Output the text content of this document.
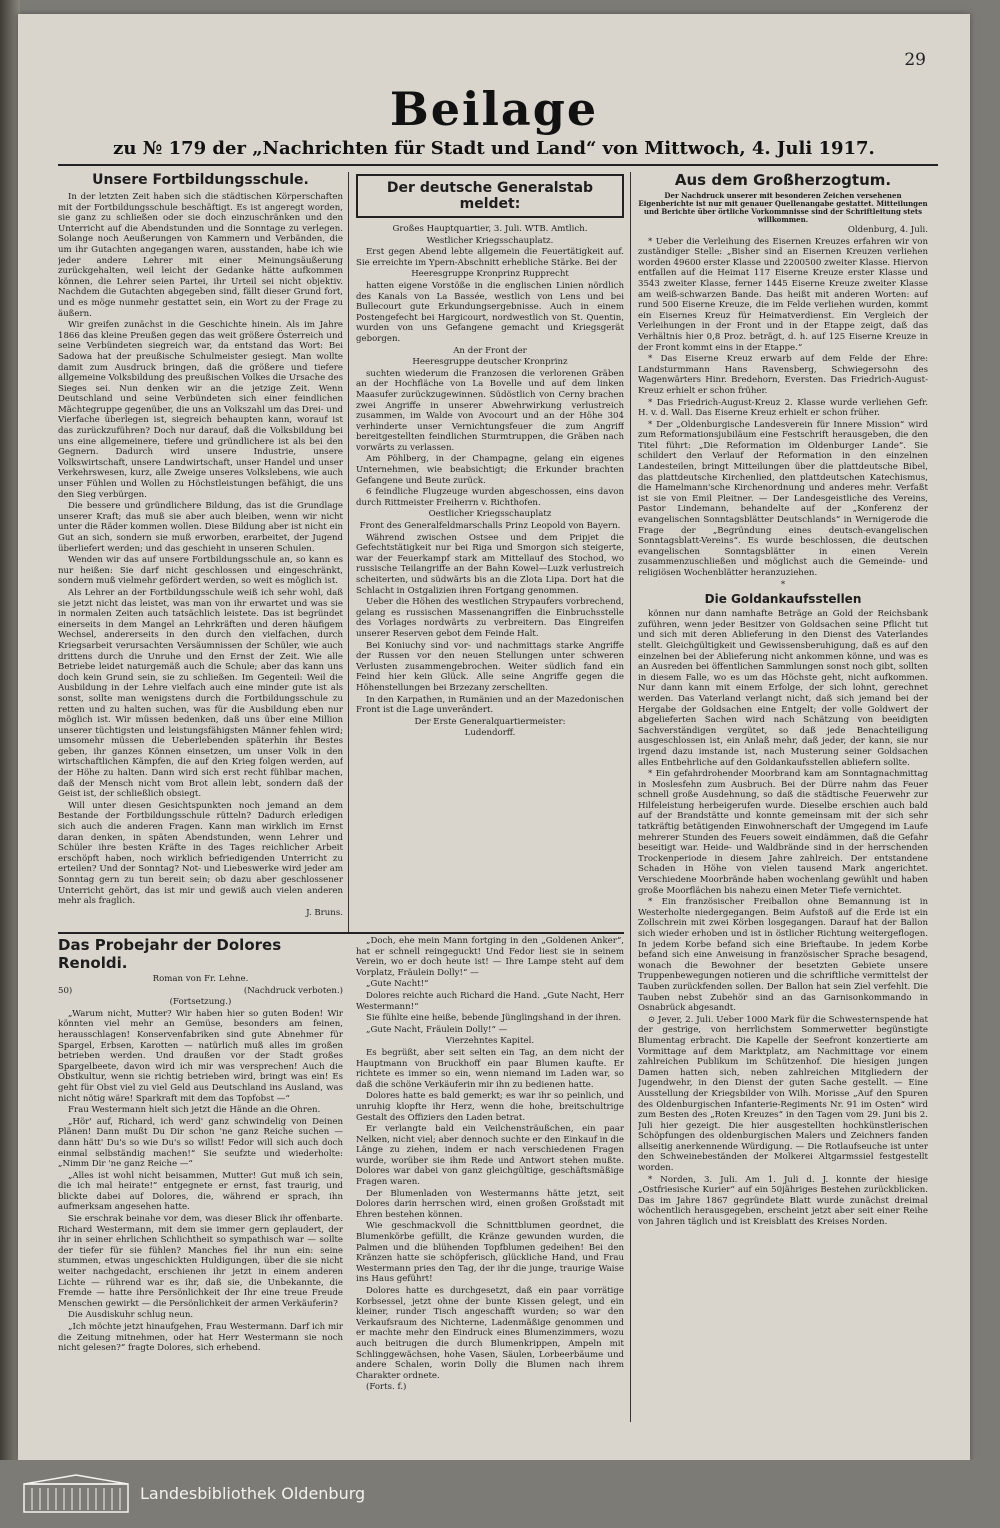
29
Beilage
zu № 179 der „Nachrichten für Stadt und Land“ von Mittwoch, 4. Juli 1917.
Unsere Fortbildungsschule.

In der letzten Zeit haben sich die städtischen Körperschaften mit der Fortbildungsschule beschäftigt. Es ist angeregt worden, sie ganz zu schließen oder sie doch einzuschränken und den Unterricht auf die Abendstunden und die Sonntage zu verlegen. Solange noch Aeußerungen von Kammern und Verbänden, die um ihr Gutachten angegangen waren, ausstanden, habe ich wie jeder andere Lehrer mit einer Meinungsäußerung zurückgehalten, weil leicht der Gedanke hätte aufkommen können, die Lehrer seien Partei, ihr Urteil sei nicht objektiv. Nachdem die Gutachten abgegeben sind, fällt dieser Grund fort, und es möge nunmehr gestattet sein, ein Wort zu der Frage zu äußern.

Wir greifen zunächst in die Geschichte hinein. Als im Jahre 1866 das kleine Preußen gegen das weit größere Österreich und seine Verbündeten siegreich war, da entstand das Wort: Bei Sadowa hat der preußische Schulmeister gesiegt. Man wollte damit zum Ausdruck bringen, daß die größere und tiefere allgemeine Volksbildung des preußischen Volkes die Ursache des Sieges sei. Nun denken wir an die jetzige Zeit. Wenn Deutschland und seine Verbündeten sich einer feindlichen Mächtegruppe gegenüber, die uns an Volkszahl um das Drei- und Vierfache überlegen ist, siegreich behaupten kann, worauf ist das zurückzuführen? Doch nur darauf, daß die Volksbildung bei uns eine allgemeinere, tiefere und gründlichere ist als bei den Gegnern. Dadurch wird unsere Industrie, unsere Volkswirtschaft, unsere Landwirtschaft, unser Handel und unser Verkehrswesen, kurz, alle Zweige unseres Volkslebens, wie auch unser Fühlen und Wollen zu Höchstleistungen befähigt, die uns den Sieg verbürgen.

Die bessere und gründlichere Bildung, das ist die Grundlage unserer Kraft; das muß sie aber auch bleiben, wenn wir nicht unter die Räder kommen wollen. Diese Bildung aber ist nicht ein Gut an sich, sondern sie muß erworben, erarbeitet, der Jugend überliefert werden; und das geschieht in unseren Schulen.

Wenden wir das auf unsere Fortbildungsschule an, so kann es nur heißen: Sie darf nicht geschlossen und eingeschränkt, sondern muß vielmehr gefördert werden, so weit es möglich ist.

Als Lehrer an der Fortbildungsschule weiß ich sehr wohl, daß sie jetzt nicht das leistet, was man von ihr erwartet und was sie in normalen Zeiten auch tatsächlich leistete. Das ist begründet einerseits in dem Mangel an Lehrkräften und deren häufigem Wechsel, andererseits in den durch den vielfachen, durch Kriegsarbeit verursachten Versäumnissen der Schüler, wie auch drittens durch die Unruhe und den Ernst der Zeit. Wie alle Betriebe leidet naturgemäß auch die Schule; aber das kann uns doch kein Grund sein, sie zu schließen. Im Gegenteil: Weil die Ausbildung in der Lehre vielfach auch eine minder gute ist als sonst, sollte man wenigstens durch die Fortbildungsschule zu retten und zu halten suchen, was für die Ausbildung eben nur möglich ist. Wir müssen bedenken, daß uns über eine Million unserer tüchtigsten und leistungsfähigsten Männer fehlen wird; umsomehr müssen die Ueberlebenden späterhin ihr Bestes geben, ihr ganzes Können einsetzen, um unser Volk in den wirtschaftlichen Kämpfen, die auf den Krieg folgen werden, auf der Höhe zu halten. Dann wird sich erst recht fühlbar machen, daß der Mensch nicht vom Brot allein lebt, sondern daß der Geist ist, der schließlich obsiegt.

Will unter diesen Gesichtspunkten noch jemand an dem Bestande der Fortbildungsschule rütteln? Dadurch erledigen sich auch die anderen Fragen. Kann man wirklich im Ernst daran denken, in späten Abendstunden, wenn Lehrer und Schüler ihre besten Kräfte in des Tages reichlicher Arbeit erschöpft haben, noch wirklich befriedigenden Unterricht zu erteilen? Und der Sonntag? Not- und Liebeswerke wird jeder am Sonntag gern zu tun bereit sein; ob dazu aber geschlossener Unterricht gehört, das ist mir und gewiß auch vielen anderen mehr als fraglich.

J. Bruns.

Der deutsche Generalstab meldet:

Großes Hauptquartier, 3. Juli. WTB. Amtlich.

Westlicher Kriegsschauplatz.

Erst gegen Abend lebte allgemein die Feuertätigkeit auf. Sie erreichte im Ypern-Abschnitt erhebliche Stärke. Bei der

Heeresgruppe Kronprinz Rupprecht

hatten eigene Vorstöße in die englischen Linien nördlich des Kanals von La Bassée, westlich von Lens und bei Bullecourt gute Erkundungsergebnisse. Auch in einem Postengefecht bei Hargicourt, nordwestlich von St. Quentin, wurden von uns Gefangene gemacht und Kriegsgerät geborgen.

An der Front der

Heeresgruppe deutscher Kronprinz

suchten wiederum die Franzosen die verlorenen Gräben an der Hochfläche von La Bovelle und auf dem linken Maasufer zurückzugewinnen. Südöstlich von Cerny brachen zwei Angriffe in unserer Abwehrwirkung verlustreich zusammen, im Walde von Avocourt und an der Höhe 304 verhinderte unser Vernichtungsfeuer die zum Angriff bereitgestellten feindlichen Sturmtruppen, die Gräben nach vorwärts zu verlassen.

Am Pöhlberg, in der Champagne, gelang ein eigenes Unternehmen, wie beabsichtigt; die Erkunder brachten Gefangene und Beute zurück.

6 feindliche Flugzeuge wurden abgeschossen, eins davon durch Rittmeister Freiherrn v. Richthofen.

Oestlicher Kriegsschauplatz

Front des Generalfeldmarschalls Prinz Leopold von Bayern.

Während zwischen Ostsee und dem Pripjet die Gefechtstätigkeit nur bei Riga und Smorgon sich steigerte, war der Feuerkampf stark am Mittellauf des Stochod, wo russische Teilangriffe an der Bahn Kowel—Luzk verlustreich scheiterten, und südwärts bis an die Zlota Lipa. Dort hat die Schlacht in Ostgalizien ihren Fortgang genommen.

Ueber die Höhen des westlichen Strypaufers vorbrechend, gelang es russischen Massenangriffen die Einbruchsstelle des Vorlages nordwärts zu verbreitern. Das Eingreifen unserer Reserven gebot dem Feinde Halt.

Bei Koniuchy sind vor- und nachmittags starke Angriffe der Russen vor den neuen Stellungen unter schweren Verlusten zusammengebrochen. Weiter südlich fand ein Feind hier kein Glück. Alle seine Angriffe gegen die Höhenstellungen bei Brzezany zerschellten.

In den Karpathen, in Rumänien und an der Mazedonischen Front ist die Lage unverändert.

Der Erste Generalquartiermeister:

Ludendorff.

Aus dem Großherzogtum.

Der Nachdruck unserer mit besonderen Zeichen versehenen Eigenberichte ist nur mit genauer Quellenangabe gestattet. Mitteilungen und Berichte über örtliche Vorkommnisse sind der Schriftleitung stets willkommen.

Oldenburg, 4. Juli.

* Ueber die Verleihung des Eisernen Kreuzes erfahren wir von zuständiger Stelle: „Bisher sind an Eisernen Kreuzen verliehen worden 49600 erster Klasse und 2200500 zweiter Klasse. Hiervon entfallen auf die Heimat 117 Eiserne Kreuze erster Klasse und 3543 zweiter Klasse, ferner 1445 Eiserne Kreuze zweiter Klasse am weiß-schwarzen Bande. Das heißt mit anderen Worten: auf rund 500 Eiserne Kreuze, die im Felde verliehen wurden, kommt ein Eisernes Kreuz für Heimatverdienst. Ein Vergleich der Verleihungen in der Front und in der Etappe zeigt, daß das Verhältnis hier 0,8 Proz. beträgt, d. h. auf 125 Eiserne Kreuze in der Front kommt eins in der Etappe.“

* Das Eiserne Kreuz erwarb auf dem Felde der Ehre: Landsturmmann Hans Ravensberg, Schwiegersohn des Wagenwärters Hinr. Bredehorn, Eversten. Das Friedrich-August-Kreuz erhielt er schon früher.

* Das Friedrich-August-Kreuz 2. Klasse wurde verliehen Gefr. H. v. d. Wall. Das Eiserne Kreuz erhielt er schon früher.

* Der „Oldenburgische Landesverein für Innere Mission“ wird zum Reformationsjubiläum eine Festschrift herausgeben, die den Titel führt: „Die Reformation im Oldenburger Lande“. Sie schildert den Verlauf der Reformation in den einzelnen Landesteilen, bringt Mitteilungen über die plattdeutsche Bibel, das plattdeutsche Kirchenlied, den plattdeutschen Katechismus, die Hamelmann'sche Kirchenordnung und anderes mehr. Verfaßt ist sie von Emil Pleitner. — Der Landesgeistliche des Vereins, Pastor Lindemann, behandelte auf der „Konferenz der evangelischen Sonntagsblätter Deutschlands“ in Wernigerode die Frage der „Begründung eines deutsch-evangelischen Sonntagsblatt-Vereins“. Es wurde beschlossen, die deutschen evangelischen Sonntagsblätter in einen Verein zusammenzuschließen und möglichst auch die Gemeinde- und religiösen Wochenblätter heranzuziehen.

*

Die Goldankaufsstellen

können nur dann namhafte Beträge an Gold der Reichsbank zuführen, wenn jeder Besitzer von Goldsachen seine Pflicht tut und sich mit deren Ablieferung in den Dienst des Vaterlandes stellt. Gleichgültigkeit und Gewissensberuhigung, daß es auf den einzelnen bei der Ablieferung nicht ankommen könne, und was es an Ausreden bei öffentlichen Sammlungen sonst noch gibt, sollten in diesem Falle, wo es um das Höchste geht, nicht aufkommen. Nur dann kann mit einem Erfolge, der sich lohnt, gerechnet werden. Das Vaterland verlangt nicht, daß sich jemand bei der Hergabe der Goldsachen eine Entgelt; der volle Goldwert der abgelieferten Sachen wird nach Schätzung von beeidigten Sachverständigen vergütet, so daß jede Benachteiligung ausgeschlossen ist, ein Anlaß mehr, daß jeder, der kann, sie nur irgend dazu imstande ist, nach Musterung seiner Goldsachen alles Entbehrliche auf den Goldankaufsstellen abliefern sollte.

* Ein gefahrdrohender Moorbrand kam am Sonntagnachmittag in Moslesfehn zum Ausbruch. Bei der Dürre nahm das Feuer schnell große Ausdehnung, so daß die städtische Feuerwehr zur Hilfeleistung herbeigerufen wurde. Dieselbe erschien auch bald auf der Brandstätte und konnte gemeinsam mit der sich sehr tatkräftig betätigenden Einwohnerschaft der Umgegend im Laufe mehrerer Stunden des Feuers soweit eindämmen, daß die Gefahr beseitigt war. Heide- und Waldbrände sind in der herrschenden Trockenperiode in diesem Jahre zahlreich. Der entstandene Schaden in Höhe von vielen tausend Mark angerichtet. Verschiedene Moorbrände haben wochenlang gewühlt und haben große Moorflächen bis nahezu einen Meter Tiefe vernichtet.

* Ein französischer Freiballon ohne Bemannung ist in Westerholte niedergegangen. Beim Aufstoß auf die Erde ist ein Zollschrein mit zwei Körben losgegangen. Darauf hat der Ballon sich wieder erhoben und ist in östlicher Richtung weitergeflogen. In jedem Korbe befand sich eine Brieftaube. In jedem Korbe befand sich eine Anweisung in französischer Sprache besagend, wonach die Bewohner der besetzten Gebiete unsere Truppenbewegungen notieren und die schriftliche vermittelst der Tauben zurückfenden sollen. Der Ballon hat sein Ziel verfehlt. Die Tauben nebst Zubehör sind an das Garnisonkommando in Osnabrück abgesandt.

⊙ Jever, 2. Juli. Ueber 1000 Mark für die Schwesternspende hat der gestrige, von herrlichstem Sommerwetter begünstigte Blumentag erbracht. Die Kapelle der Seefront konzertierte am Vormittage auf dem Marktplatz, am Nachmittage vor einem zahlreichen Publikum im Schützenhof. Die hiesigen jungen Damen hatten sich, neben zahlreichen Mitgliedern der Jugendwehr, in den Dienst der guten Sache gestellt. — Eine Ausstellung der Kriegsbilder von Wilh. Morisse „Auf den Spuren des Oldenburgischen Infanterie-Regiments Nr. 91 im Osten“ wird zum Besten des „Roten Kreuzes“ in den Tagen vom 29. Juni bis 2. Juli hier gezeigt. Die hier ausgestellten hochkünstlerischen Schöpfungen des oldenburgischen Malers und Zeichners fanden allseitig anerkennende Würdigung. — Die Rotlaufseuche ist unter den Schweinebeständen der Molkerei Altgarmssiel festgestellt worden.

* Norden, 3. Juli. Am 1. Juli d. J. konnte der hiesige „Ostfriesische Kurier“ auf ein 50jähriges Bestehen zurückblicken. Das im Jahre 1867 gegründete Blatt wurde zunächst dreimal wöchentlich herausgegeben, erscheint jetzt aber seit einer Reihe von Jahren täglich und ist Kreisblatt des Kreises Norden.

Das Probejahr der Dolores Renoldi.

Roman von Fr. Lehne.

50)	(Nachdruck verboten.)

(Fortsetzung.)

„Warum nicht, Mutter? Wir haben hier so guten Boden! Wir könnten viel mehr an Gemüse, besonders am feinen, herausschlagen! Konservenfabriken sind gute Abnehmer für Spargel, Erbsen, Karotten — natürlich muß alles im großen betrieben werden. Und draußen vor der Stadt großes Spargelbeete, davon wird ich mir was versprechen! Auch die Obstkultur, wenn sie richtig betrieben wird, bringt was ein! Es geht für Obst viel zu viel Geld aus Deutschland ins Ausland, was nicht nötig wäre! Sparkraft mit dem das Topfobst —“

Frau Westermann hielt sich jetzt die Hände an die Ohren.

„Hör' auf, Richard, ich werd' ganz schwindelig von Deinen Plänen! Dann mußt Du Dir schon 'ne ganz Reiche suchen — dann hätt' Du's so wie Du's so willst! Fedor will sich auch doch einmal selbständig machen!“ Sie seufzte und wiederholte: „Nimm Dir 'ne ganz Reiche —“

„Alles ist wohl nicht beisammen, Mutter! Gut muß ich sein, die ich mal heirate!“ entgegnete er ernst, fast traurig, und blickte dabei auf Dolores, die, während er sprach, ihn aufmerksam angesehen hatte.

Sie erschrak beinahe vor dem, was dieser Blick ihr offenbarte. Richard Westermann, mit dem sie immer gern geplaudert, der ihr in seiner ehrlichen Schlichtheit so sympathisch war — sollte der tiefer für sie fühlen? Manches fiel ihr nun ein: seine stummen, etwas ungeschickten Huldigungen, über die sie nicht weiter nachgedacht, erschienen ihr jetzt in einem anderen Lichte — rührend war es ihr, daß sie, die Unbekannte, die Fremde — hatte ihre Persönlichkeit der Ihr eine treue Freude Menschen gewirkt — die Persönlichkeit der armen Verkäuferin?

Die Ausdiskuhr schlug neun.

„Ich möchte jetzt hinaufgehen, Frau Westermann. Darf ich mir die Zeitung mitnehmen, oder hat Herr Westermann sie noch nicht gelesen?“ fragte Dolores, sich erhebend.

„Doch, ehe mein Mann fortging in den „Goldenen Anker“, hat er schnell reingeguckt! Und Fedor liest sie in seinem Verein, wo er doch heute ist! — Ihre Lampe steht auf dem Vorplatz, Fräulein Dolly!“ —

„Gute Nacht!“

Dolores reichte auch Richard die Hand. „Gute Nacht, Herr Westermann!“

Sie fühlte eine heiße, bebende Jünglingshand in der ihren.

„Gute Nacht, Fräulein Dolly!“ —

Vierzehntes Kapitel.

Es begrüßt, aber seit selten ein Tag, an dem nicht der Hauptmann von Bruckhoff ein paar Blumen kaufte. Er richtete es immer so ein, wenn niemand im Laden war, so daß die schöne Verkäuferin mir ihn zu bedienen hatte.

Dolores hatte es bald gemerkt; es war ihr so peinlich, und unruhig klopfte ihr Herz, wenn die hohe, breitschultrige Gestalt des Offiziers den Laden betrat.

Er verlangte bald ein Veilchensträußchen, ein paar Nelken, nicht viel; aber dennoch suchte er den Einkauf in die Länge zu ziehen, indem er nach verschiedenen Fragen wurde, worüber sie ihm Rede und Antwort stehen mußte. Dolores war dabei von ganz gleichgültige, geschäftsmäßige Fragen waren.

Der Blumenladen von Westermanns hätte jetzt, seit Dolores darin herrschen wird, einen großen Großstadt mit Ehren bestehen können.

Wie geschmackvoll die Schnittblumen geordnet, die Blumenkörbe gefüllt, die Kränze gewunden wurden, die Palmen und die blühenden Topfblumen gedeihen! Bei den Kränzen hatte sie schöpferisch, glückliche Hand, und Frau Westermann pries den Tag, der ihr die junge, traurige Waise ins Haus geführt!

Dolores hatte es durchgesetzt, daß ein paar vorrätige Korbsessel, jetzt ohne der bunte Kissen gelegt, und ein kleiner, runder Tisch angeschafft wurden; so war den Verkaufsraum des Nichterne, Ladenmäßige genommen und er machte mehr den Eindruck eines Blumenzimmers, wozu auch beitrugen die durch Blumenkrippen, Ampeln mit Schlinggewächsen, hohe Vasen, Säulen, Lorbeerbäume und andere Schalen, worin Dolly die Blumen nach ihrem Charakter ordnete.

(Forts. f.)

Landesbibliothek Oldenburg
